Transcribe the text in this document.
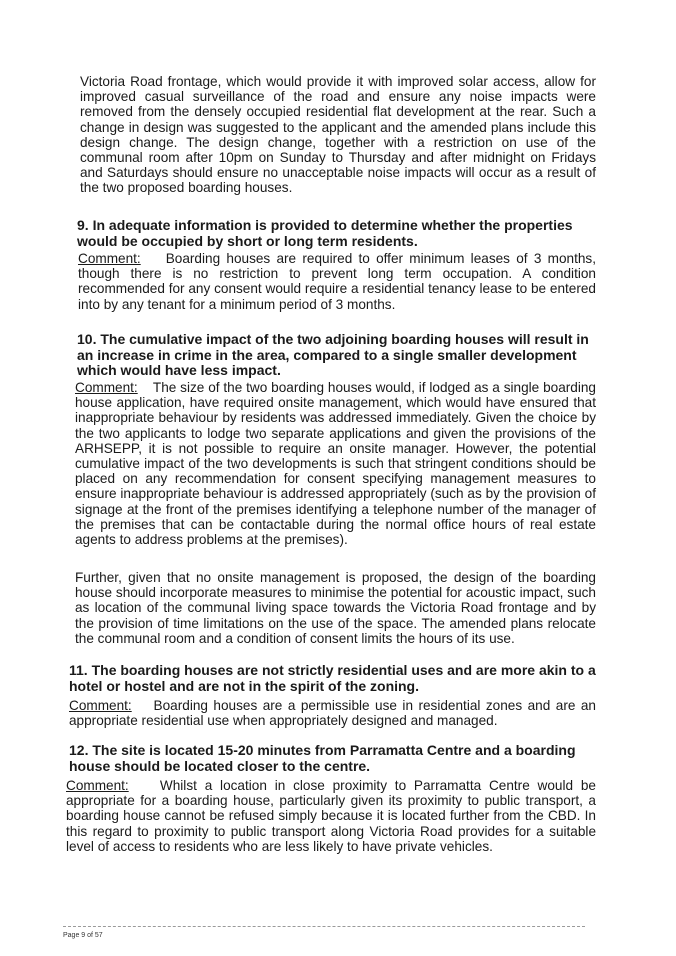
Victoria Road frontage, which would provide it with improved solar access, allow for improved casual surveillance of the road and ensure any noise impacts were removed from the densely occupied residential flat development at the rear. Such a change in design was suggested to the applicant and the amended plans include this design change. The design change, together with a restriction on use of the communal room after 10pm on Sunday to Thursday and after midnight on Fridays and Saturdays should ensure no unacceptable noise impacts will occur as a result of the two proposed boarding houses.

9. In adequate information is provided to determine whether the properties would be occupied by short or long term residents.

Comment: Boarding houses are required to offer minimum leases of 3 months, though there is no restriction to prevent long term occupation. A condition recommended for any consent would require a residential tenancy lease to be entered into by any tenant for a minimum period of 3 months.

10. The cumulative impact of the two adjoining boarding houses will result in an increase in crime in the area, compared to a single smaller development which would have less impact.

Comment: The size of the two boarding houses would, if lodged as a single boarding house application, have required onsite management, which would have ensured that inappropriate behaviour by residents was addressed immediately. Given the choice by the two applicants to lodge two separate applications and given the provisions of the ARHSEPP, it is not possible to require an onsite manager. However, the potential cumulative impact of the two developments is such that stringent conditions should be placed on any recommendation for consent specifying management measures to ensure inappropriate behaviour is addressed appropriately (such as by the provision of signage at the front of the premises identifying a telephone number of the manager of the premises that can be contactable during the normal office hours of real estate agents to address problems at the premises).

Further, given that no onsite management is proposed, the design of the boarding house should incorporate measures to minimise the potential for acoustic impact, such as location of the communal living space towards the Victoria Road frontage and by the provision of time limitations on the use of the space. The amended plans relocate the communal room and a condition of consent limits the hours of its use.

11. The boarding houses are not strictly residential uses and are more akin to a hotel or hostel and are not in the spirit of the zoning.

Comment: Boarding houses are a permissible use in residential zones and are an appropriate residential use when appropriately designed and managed.

12. The site is located 15-20 minutes from Parramatta Centre and a boarding house should be located closer to the centre.

Comment: Whilst a location in close proximity to Parramatta Centre would be appropriate for a boarding house, particularly given its proximity to public transport, a boarding house cannot be refused simply because it is located further from the CBD. In this regard to proximity to public transport along Victoria Road provides for a suitable level of access to residents who are less likely to have private vehicles.

Page 9 of 57
